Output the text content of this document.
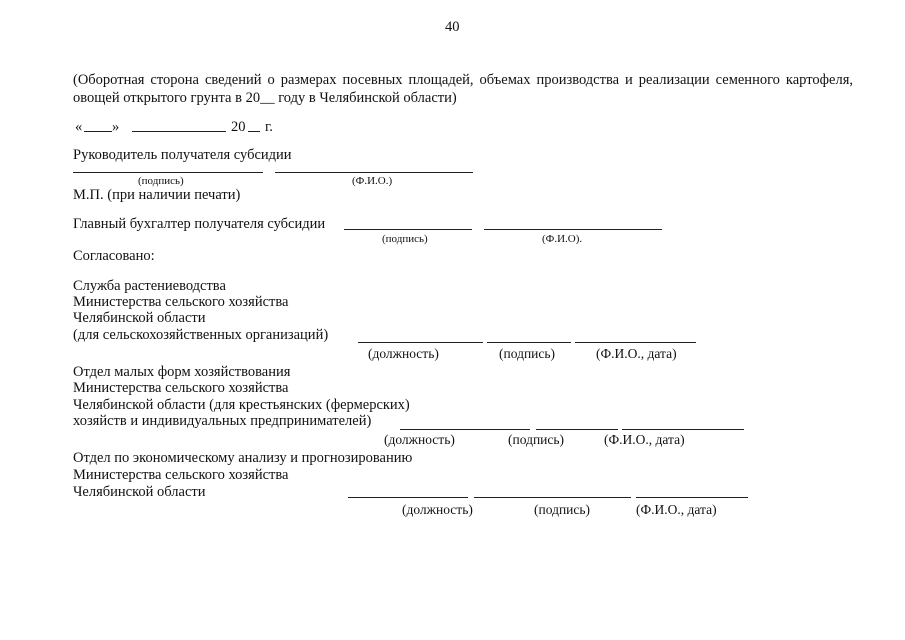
40
(Оборотная сторона сведений о размерах посевных площадей, объемах производства и реализации семенного картофеля, овощей открытого грунта в 20__ году в Челябинской области)
« »	20 г.
Руководитель получателя субсидии
(подпись)	(Ф.И.О.)
М.П. (при наличии печати)
Главный бухгалтер получателя субсидии
(подпись)	(Ф.И.О).
Согласовано:
Служба растениеводства
Министерства сельского хозяйства
Челябинской области
(для сельскохозяйственных организаций)
(должность)	(подпись)	(Ф.И.О., дата)
Отдел малых форм хозяйствования
Министерства сельского хозяйства
Челябинской области (для крестьянских (фермерских)
хозяйств и индивидуальных предпринимателей)
(должность)	(подпись)	(Ф.И.О., дата)
Отдел по экономическому анализу и прогнозированию
Министерства сельского хозяйства
Челябинской области
(должность)	(подпись)	(Ф.И.О., дата)
